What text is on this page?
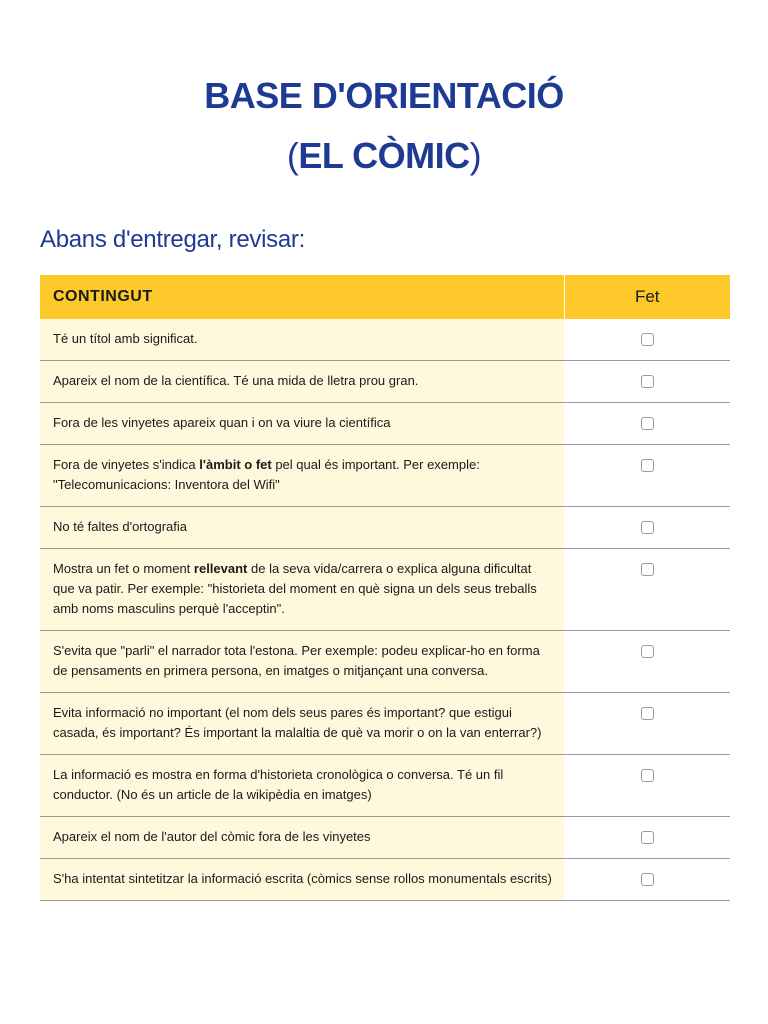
BASE D'ORIENTACIÓ
(EL CÒMIC)
Abans d'entregar, revisar:
CONTINGUT	Fet
Té un títol amb significat.	
Apareix el nom de la científica. Té una mida de lletra prou gran.	
Fora de les vinyetes apareix quan i on va viure la científica	
Fora de vinyetes s'indica l'àmbit o fet pel qual és important. Per exemple: "Telecomunicacions: Inventora del Wifi"	
No té faltes d'ortografia	
Mostra un fet o moment rellevant de la seva vida/carrera o explica alguna dificultat que va patir. Per exemple: "historieta del moment en què signa un dels seus treballs amb noms masculins perquè l'acceptin".	
S'evita que "parli" el narrador tota l'estona. Per exemple: podeu explicar-ho en forma de pensaments en primera persona, en imatges o mitjançant una conversa.	
Evita informació no important (el nom dels seus pares és important? que estigui casada, és important? És important la malaltia de què va morir o on la van enterrar?)	
La informació es mostra en forma d'historieta cronològica o conversa. Té un fil conductor. (No és un article de la wikipèdia en imatges)	
Apareix el nom de l'autor del còmic fora de les vinyetes	
S'ha intentat sintetitzar la informació escrita (còmics sense rollos monumentals escrits)	
